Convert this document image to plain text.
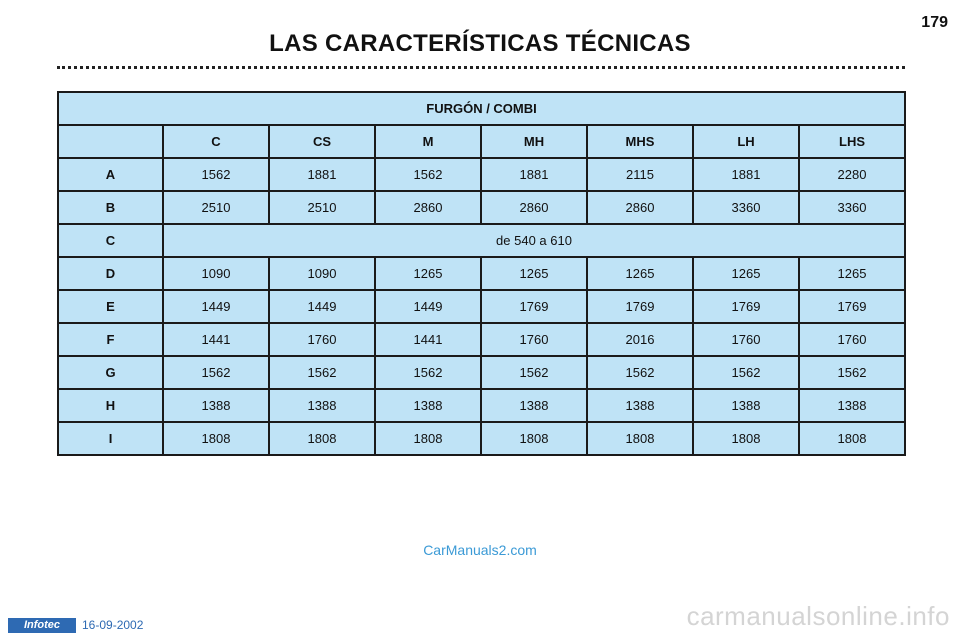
179
LAS CARACTERÍSTICAS TÉCNICAS
FURGÓN / COMBI							
	C	CS	M	MH	MHS	LH	LHS
A	1562	1881	1562	1881	2115	1881	2280
B	2510	2510	2860	2860	2860	3360	3360
C	de 540 a 610						
D	1090	1090	1265	1265	1265	1265	1265
E	1449	1449	1449	1769	1769	1769	1769
F	1441	1760	1441	1760	2016	1760	1760
G	1562	1562	1562	1562	1562	1562	1562
H	1388	1388	1388	1388	1388	1388	1388
I	1808	1808	1808	1808	1808	1808	1808
CarManuals2.com
Infotec	16-09-2002	carmanualsonline.info
